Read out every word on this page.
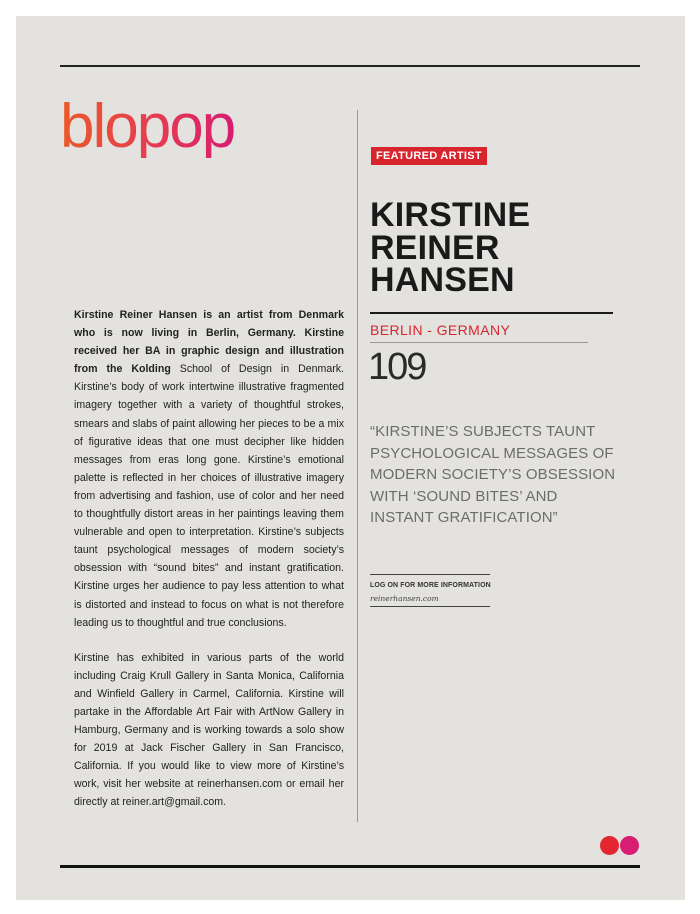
blopop

Kirstine Reiner Hansen is an artist from Denmark who is now living in Berlin, Germany. Kirstine received her BA in graphic design and illustration from the Kolding School of Design in Denmark. Kirstine’s body of work intertwine illustrative fragmented imagery together with a variety of thoughtful strokes, smears and slabs of paint allowing her pieces to be a mix of figurative ideas that one must decipher like hidden messages from eras long gone. Kirstine’s emotional palette is reflected in her choices of illustrative imagery from advertising and fashion, use of color and her need to thoughtfully distort areas in her paintings leaving them vulnerable and open to interpretation. Kirstine’s subjects taunt psychological messages of modern society’s obsession with “sound bites” and instant gratification. Kirstine urges her audience to pay less attention to what is distorted and instead to focus on what is not therefore leading us to thoughtful and true conclusions.

Kirstine has exhibited in various parts of the world including Craig Krull Gallery in Santa Monica, California and Winfield Gallery in Carmel, California. Kirstine will partake in the Affordable Art Fair with ArtNow Gallery in Hamburg, Germany and is working towards a solo show for 2019 at Jack Fischer Gallery in San Francisco, California. If you would like to view more of Kirstine’s work, visit her website at reinerhansen.com or email her directly at reiner.art@gmail.com.

FEATURED ARTIST
KIRSTINE
REINER
HANSEN
BERLIN - GERMANY
109
“KIRSTINE’S SUBJECTS TAUNT PSYCHOLOGICAL MESSAGES OF MODERN SOCIETY’S OBSESSION WITH ‘SOUND BITES’ AND INSTANT GRATIFICATION”
LOG ON FOR MORE INFORMATION
reinerhansen.com
